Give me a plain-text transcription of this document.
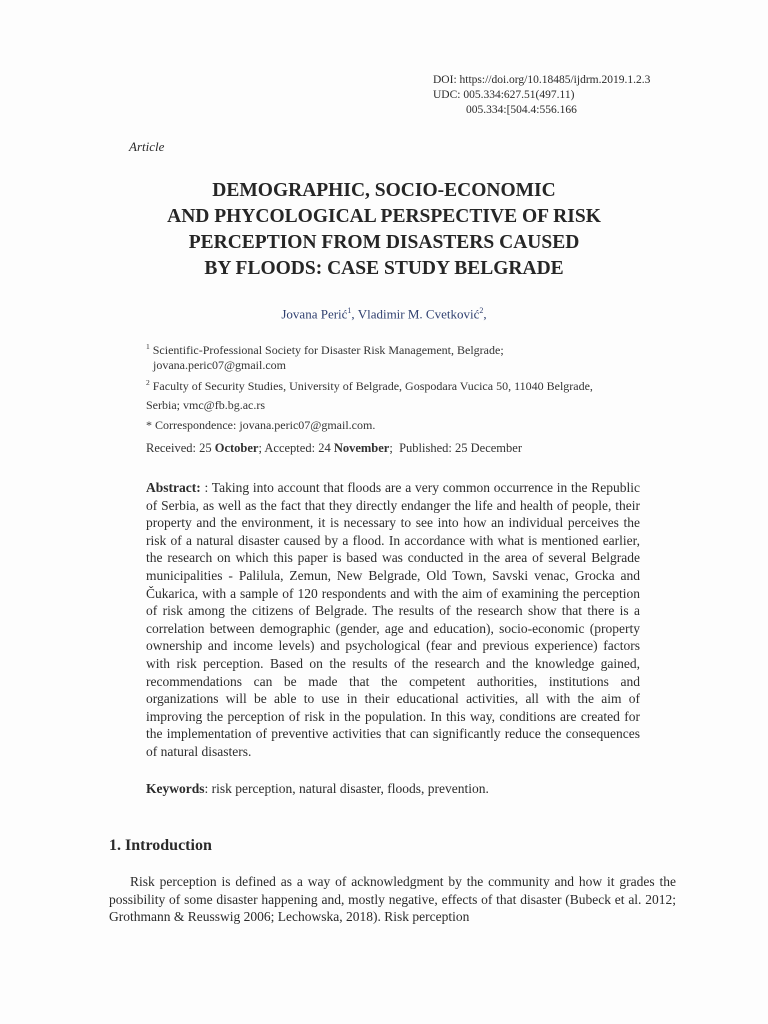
DOI: https://doi.org/10.18485/ijdrm.2019.1.2.3
UDC: 005.334:627.51(497.11)
005.334:[504.4:556.166
Article
DEMOGRAPHIC, SOCIO-ECONOMIC
AND PHYCOLOGICAL PERSPECTIVE OF RISK
PERCEPTION FROM DISASTERS CAUSED
BY FLOODS: CASE STUDY BELGRADE
Jovana Perić$^1$, Vladimir M. Cvetković$^2$,
$^1$ Scientific-Professional Society for Disaster Risk Management, Belgrade;
jovana.peric07@gmail.com
$^2$ Faculty of Security Studies, University of Belgrade, Gospodara Vucica 50, 11040 Belgrade,
Serbia; vmc@fb.bg.ac.rs
* Correspondence: jovana.peric07@gmail.com.
Received: 25 October; Accepted: 24 November;  Published: 25 December

Abstract: : Taking into account that floods are a very common occurrence in the Republic of Serbia, as well as the fact that they directly endanger the life and health of people, their property and the environment, it is necessary to see into how an individual perceives the risk of a natural disaster caused by a flood. In accordance with what is mentioned earlier, the research on which this paper is based was conducted in the area of several Belgrade municipalities - Palilula, Zemun, New Belgrade, Old Town, Savski venac, Grocka and Čukarica, with a sample of 120 respondents and with the aim of examining the perception of risk among the citizens of Belgrade. The results of the research show that there is a correlation between demographic (gender, age and education), socio-economic (property ownership and income levels) and psychological (fear and previous experience) factors with risk perception. Based on the results of the research and the knowledge gained, recommendations can be made that the competent authorities, institutions and organizations will be able to use in their educational activities, all with the aim of improving the perception of risk in the population. In this way, conditions are created for the implementation of preventive activities that can significantly reduce the consequences of natural disasters.

Keywords: risk perception, natural disaster, floods, prevention.
1. Introduction
Risk perception is defined as a way of acknowledgment by the community and how it grades the possibility of some disaster happening and, mostly negative, effects of that disaster (Bubeck et al. 2012; Grothmann & Reusswig 2006; Lechowska, 2018). Risk perception
